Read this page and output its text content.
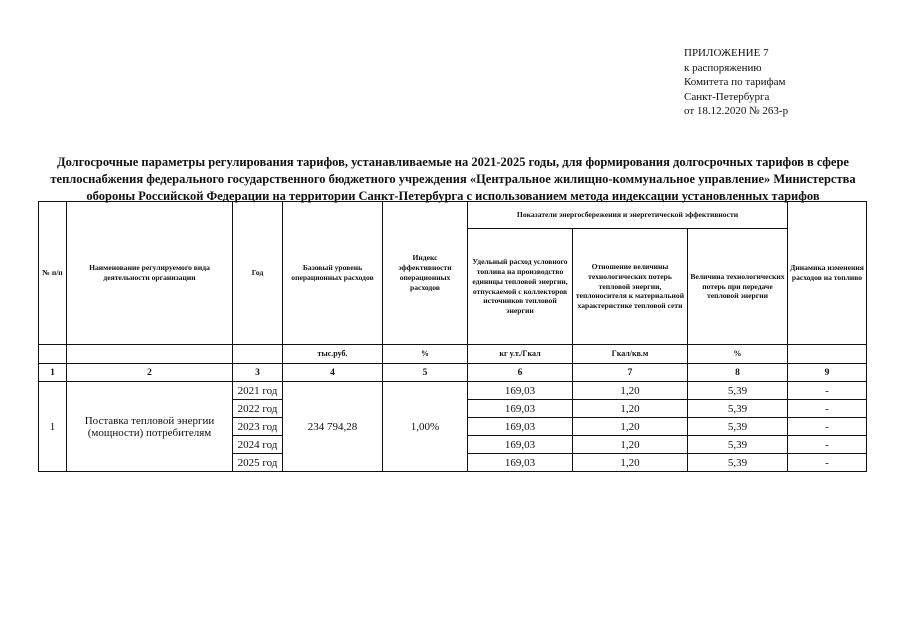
ПРИЛОЖЕНИЕ 7
к распоряжению
Комитета по тарифам
Санкт-Петербурга
от 18.12.2020 № 263-р
Долгосрочные параметры регулирования тарифов, устанавливаемые на 2021-2025 годы, для формирования долгосрочных тарифов в сфере
теплоснабжения федерального государственного бюджетного учреждения «Центральное жилищно-коммунальное управление» Министерства
обороны Российской Федерации на территории Санкт-Петербурга с использованием метода индексации установленных тарифов
№ п/п	Наименование регулируемого вида деятельности организации	Год	Базовый уровень операционных расходов	Индекс эффективности операционных расходов	Показатели энергосбережения и энергетической эффективности			Динамика изменения расходов на топливо
					Удельный расход условного топлива на производство единицы тепловой энергии, отпускаемой с коллекторов источников тепловой энергии	Отношение величины технологических потерь тепловой энергии, теплоносителя к материальной характеристике тепловой сети	Величина технологических потерь при передаче тепловой энергии	
			тыс.руб.	%	кг у.т./Гкал	Гкал/кв.м	%	
1	2	3	4	5	6	7	8	9
1	Поставка тепловой энергии (мощности) потребителям	2021 год	234 794,28	1,00%	169,03	1,20	5,39	-
		2022 год			169,03	1,20	5,39	-
		2023 год			169,03	1,20	5,39	-
		2024 год			169,03	1,20	5,39	-
		2025 год			169,03	1,20	5,39	-
